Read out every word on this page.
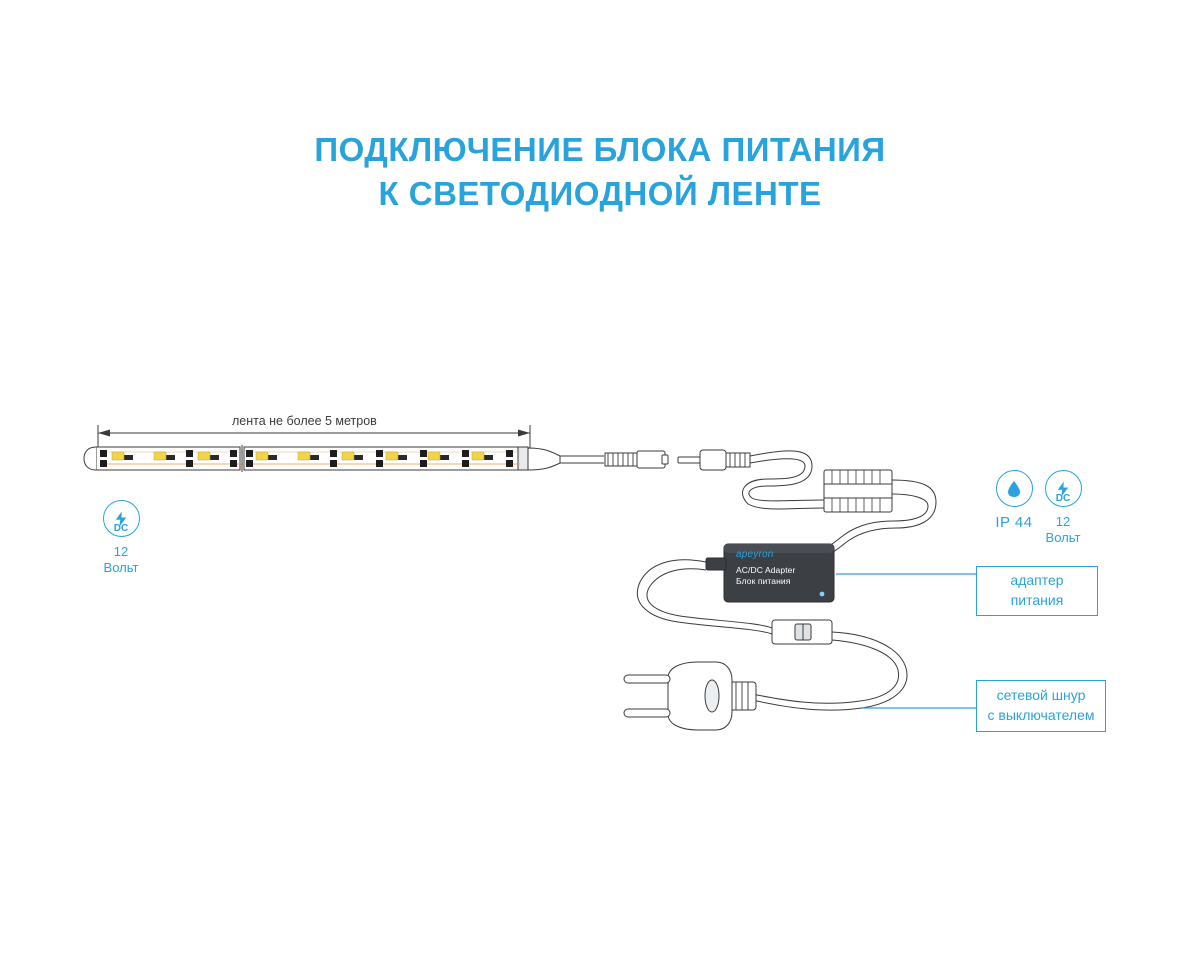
ПОДКЛЮЧЕНИЕ БЛОКА ПИТАНИЯ
К СВЕТОДИОДНОЙ ЛЕНТЕ
лента не более 5 метров
12
Вольт
IP 44	12
Вольт
DC
DC
apeyron
AC/DC Adapter
Блок питания	адаптер
питания
сетевой шнур
с выключателем
